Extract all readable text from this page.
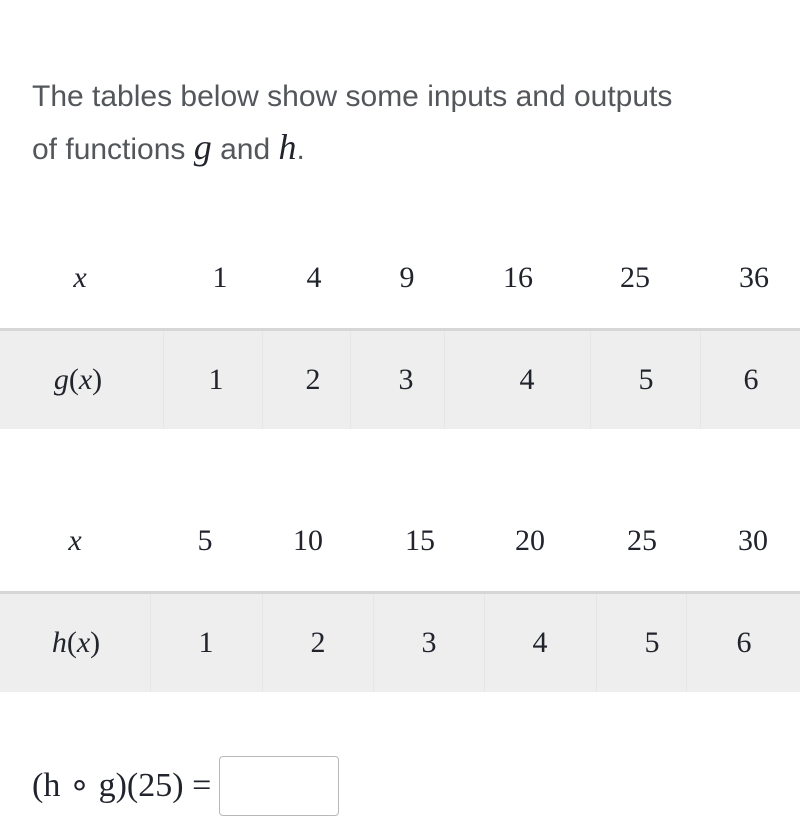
The tables below show some inputs and outputs
of functions g and h.
x	1	4	9	16	25	36
g(x)	1	2	3	4	5	6
x	5	10	15	20	25	30
h(x)	1	2	3	4	5	6
(h ∘ g)(25) =
